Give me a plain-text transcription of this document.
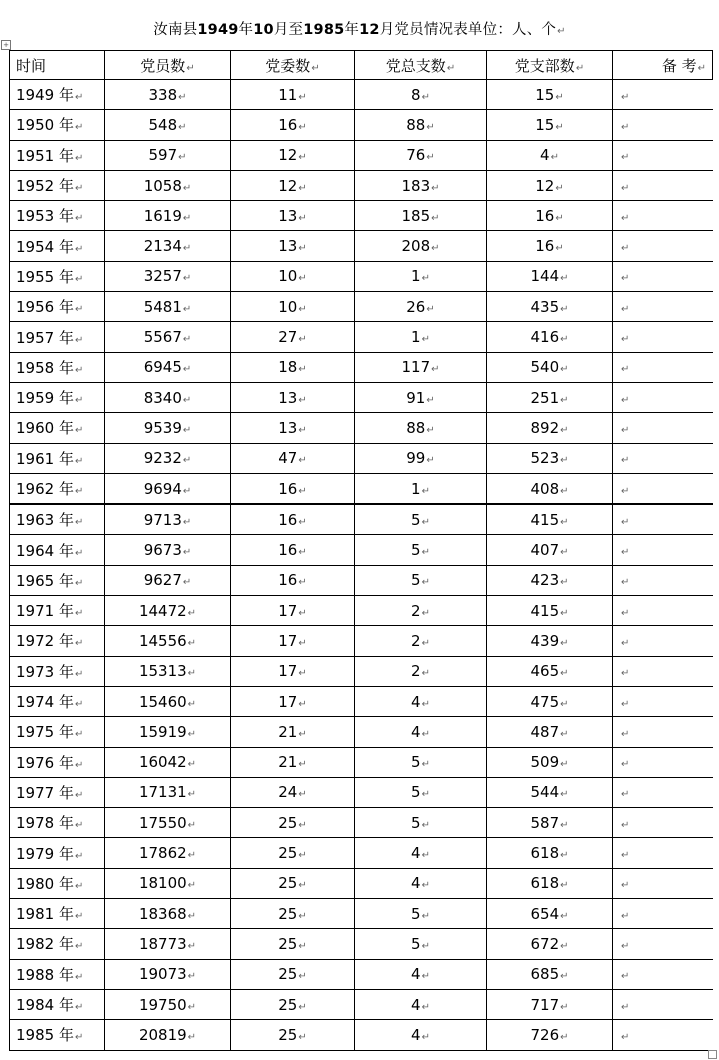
汝南县1949年10月至1985年12月党员情况表单位：人、个↵
+
时间	党员数↵	党委数↵	党总支数↵	党支部数↵	备 考↵
1949 年↵	338↵	11↵	8↵	15↵	↵
1950 年↵	548↵	16↵	88↵	15↵	↵
1951 年↵	597↵	12↵	76↵	4↵	↵
1952 年↵	1058↵	12↵	183↵	12↵	↵
1953 年↵	1619↵	13↵	185↵	16↵	↵
1954 年↵	2134↵	13↵	208↵	16↵	↵
1955 年↵	3257↵	10↵	1↵	144↵	↵
1956 年↵	5481↵	10↵	26↵	435↵	↵
1957 年↵	5567↵	27↵	1↵	416↵	↵
1958 年↵	6945↵	18↵	117↵	540↵	↵
1959 年↵	8340↵	13↵	91↵	251↵	↵
1960 年↵	9539↵	13↵	88↵	892↵	↵
1961 年↵	9232↵	47↵	99↵	523↵	↵
1962 年↵	9694↵	16↵	1↵	408↵	↵
1963 年↵	9713↵	16↵	5↵	415↵	↵
1964 年↵	9673↵	16↵	5↵	407↵	↵
1965 年↵	9627↵	16↵	5↵	423↵	↵
1971 年↵	14472↵	17↵	2↵	415↵	↵
1972 年↵	14556↵	17↵	2↵	439↵	↵
1973 年↵	15313↵	17↵	2↵	465↵	↵
1974 年↵	15460↵	17↵	4↵	475↵	↵
1975 年↵	15919↵	21↵	4↵	487↵	↵
1976 年↵	16042↵	21↵	5↵	509↵	↵
1977 年↵	17131↵	24↵	5↵	544↵	↵
1978 年↵	17550↵	25↵	5↵	587↵	↵
1979 年↵	17862↵	25↵	4↵	618↵	↵
1980 年↵	18100↵	25↵	4↵	618↵	↵
1981 年↵	18368↵	25↵	5↵	654↵	↵
1982 年↵	18773↵	25↵	5↵	672↵	↵
1988 年↵	19073↵	25↵	4↵	685↵	↵
1984 年↵	19750↵	25↵	4↵	717↵	↵
1985 年↵	20819↵	25↵	4↵	726↵	↵
